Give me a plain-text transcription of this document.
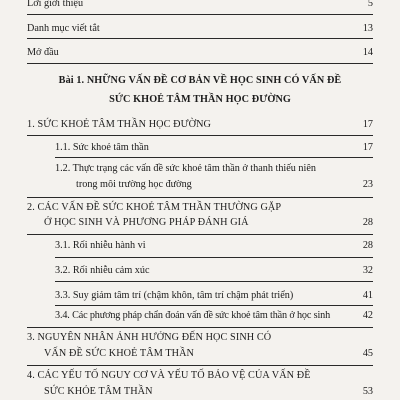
Lời giới thiệu	5
Danh mục viết tắt	13
Mở đầu	14
Bài 1. NHỮNG VẤN ĐỀ CƠ BẢN VỀ HỌC SINH CÓ VẤN ĐỀ
SỨC KHOẺ TÂM THẦN HỌC ĐƯỜNG
1. SỨC KHOẺ TÂM THẦN HỌC ĐƯỜNG	17
1.1. Sức khoẻ tâm thần	17
1.2. Thực trạng các vấn đề sức khoẻ tâm thần ở thanh thiếu niên
trong môi trường học đường	23
2. CÁC VẤN ĐỀ SỨC KHOẺ TÂM THẦN THƯỜNG GẶP
Ở HỌC SINH VÀ PHƯƠNG PHÁP ĐÁNH GIÁ	28
3.1. Rối nhiễu hành vi	28
3.2. Rối nhiễu cảm xúc	32
3.3. Suy giảm tâm trí (chậm khôn, tâm trí chậm phát triển)	41
3.4. Các phương pháp chẩn đoán vấn đề sức khoẻ tâm thần ở học sinh	42
3. NGUYÊN NHÂN ẢNH HƯỞNG ĐẾN HỌC SINH CÓ
VẤN ĐỀ SỨC KHOẺ TÂM THẦN	45
4. CÁC YẾU TỐ NGUY CƠ VÀ YẾU TỐ BẢO VỆ CỦA VẤN ĐỀ
SỨC KHỎE TÂM THẦN	53
